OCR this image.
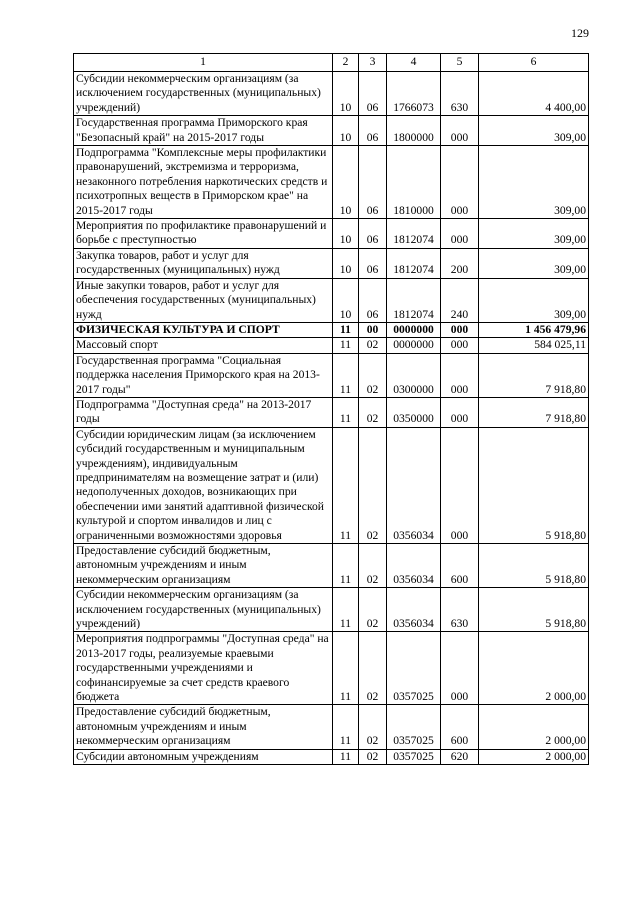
129
1	2	3	4	5	6
Субсидии некоммерческим организациям (за исключением государственных (муниципальных) учреждений)	10	06	1766073	630	4 400,00
Государственная программа Приморского края "Безопасный край" на 2015-2017 годы	10	06	1800000	000	309,00
Подпрограмма "Комплексные меры профилактики правонарушений, экстремизма и терроризма, незаконного потребления наркотических средств и психотропных веществ в Приморском крае" на 2015-2017 годы	10	06	1810000	000	309,00
Мероприятия по профилактике правонарушений и борьбе с преступностью	10	06	1812074	000	309,00
Закупка товаров, работ и услуг для государственных (муниципальных) нужд	10	06	1812074	200	309,00
Иные закупки товаров, работ и услуг для обеспечения государственных (муниципальных) нужд	10	06	1812074	240	309,00
ФИЗИЧЕСКАЯ КУЛЬТУРА И СПОРТ	11	00	0000000	000	1 456 479,96
Массовый спорт	11	02	0000000	000	584 025,11
Государственная программа "Социальная поддержка населения Приморского края на 2013-2017 годы"	11	02	0300000	000	7 918,80
Подпрограмма "Доступная среда" на 2013-2017 годы	11	02	0350000	000	7 918,80
Субсидии юридическим лицам (за исключением субсидий государственным и муниципальным учреждениям), индивидуальным предпринимателям на возмещение затрат и (или) недополученных доходов, возникающих при обеспечении ими занятий адаптивной физической культурой и спортом инвалидов и лиц с ограниченными возможностями здоровья	11	02	0356034	000	5 918,80
Предоставление субсидий бюджетным, автономным учреждениям и иным некоммерческим организациям	11	02	0356034	600	5 918,80
Субсидии некоммерческим организациям (за исключением государственных (муниципальных) учреждений)	11	02	0356034	630	5 918,80
Мероприятия подпрограммы "Доступная среда" на 2013-2017 годы, реализуемые краевыми государственными учреждениями и софинансируемые за счет средств краевого бюджета	11	02	0357025	000	2 000,00
Предоставление субсидий бюджетным, автономным учреждениям и иным некоммерческим организациям	11	02	0357025	600	2 000,00
Субсидии автономным учреждениям	11	02	0357025	620	2 000,00
